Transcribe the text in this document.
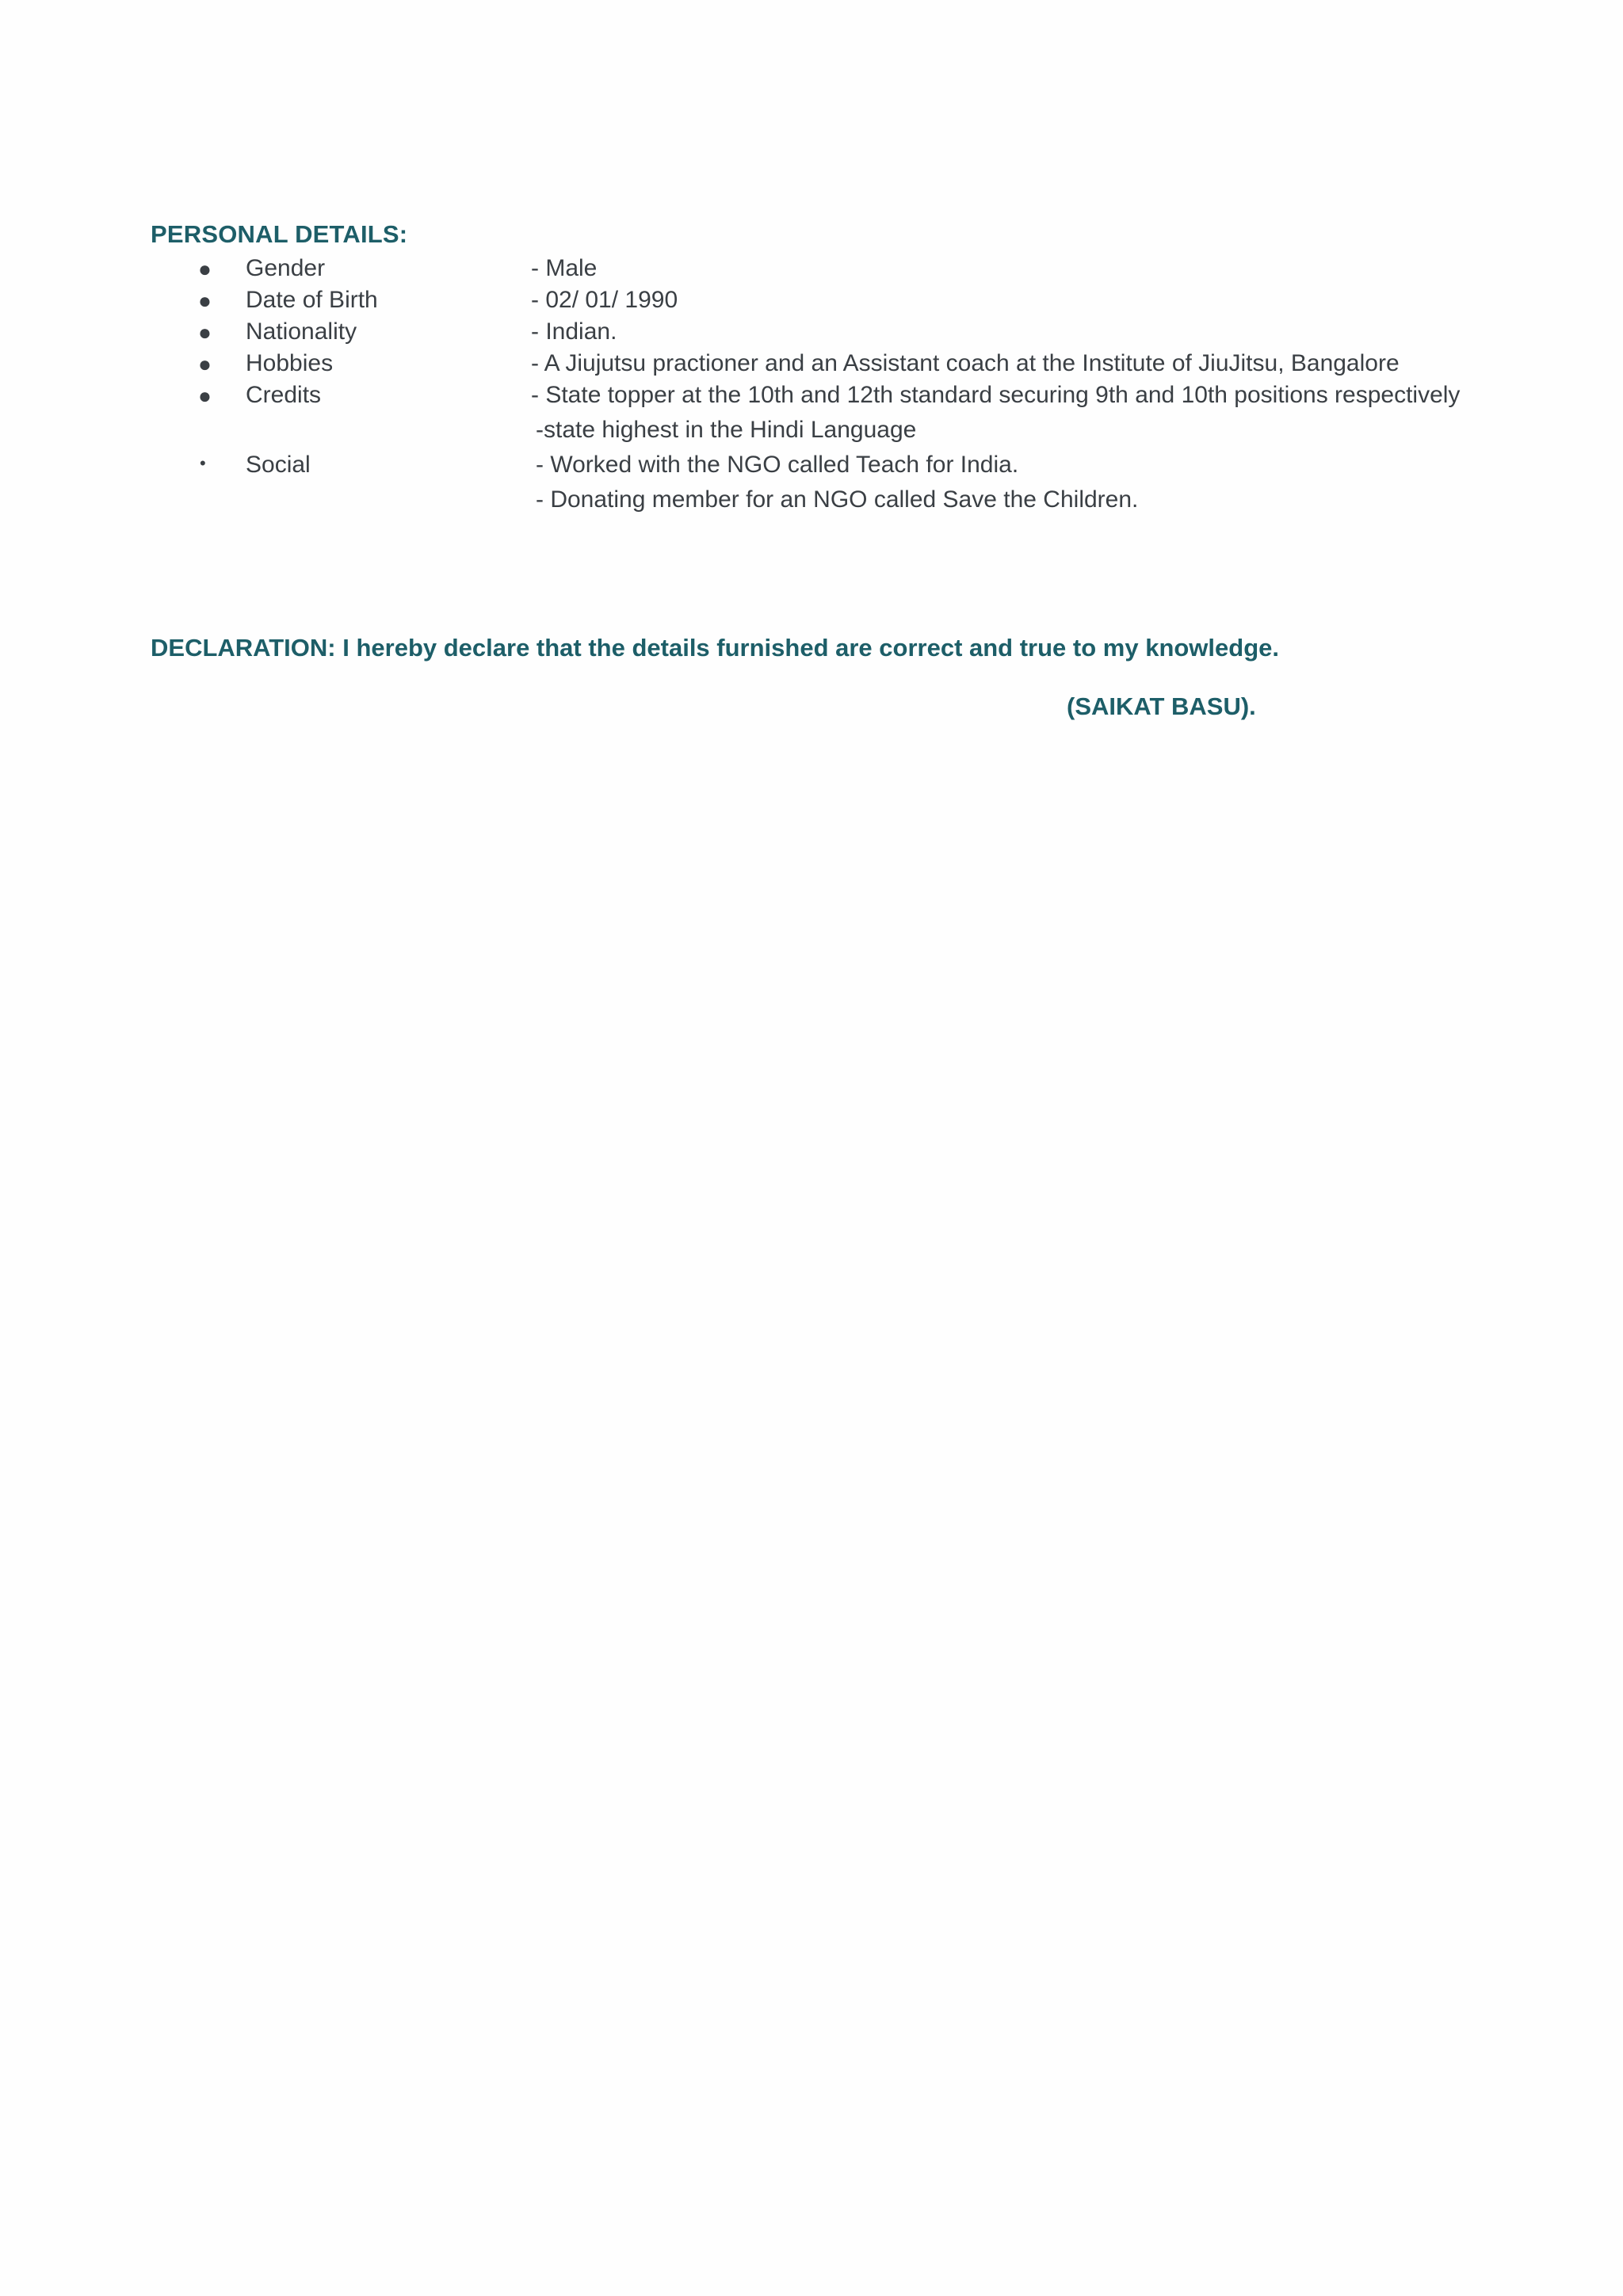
PERSONAL DETAILS:
● Gender	- Male
● Date of Birth	- 02/ 01/ 1990
● Nationality	- Indian.
● Hobbies	- A Jiujutsu practioner and an Assistant coach at the Institute of JiuJitsu, Bangalore
● Credits	- State topper at the 10th and 12th standard securing 9th and 10th positions respectively
-state highest in the Hindi Language
• Social	- Worked with the NGO called Teach for India.
- Donating member for an NGO called Save the Children.
DECLARATION: I hereby declare that the details furnished are correct and true to my knowledge.
(SAIKAT BASU).
